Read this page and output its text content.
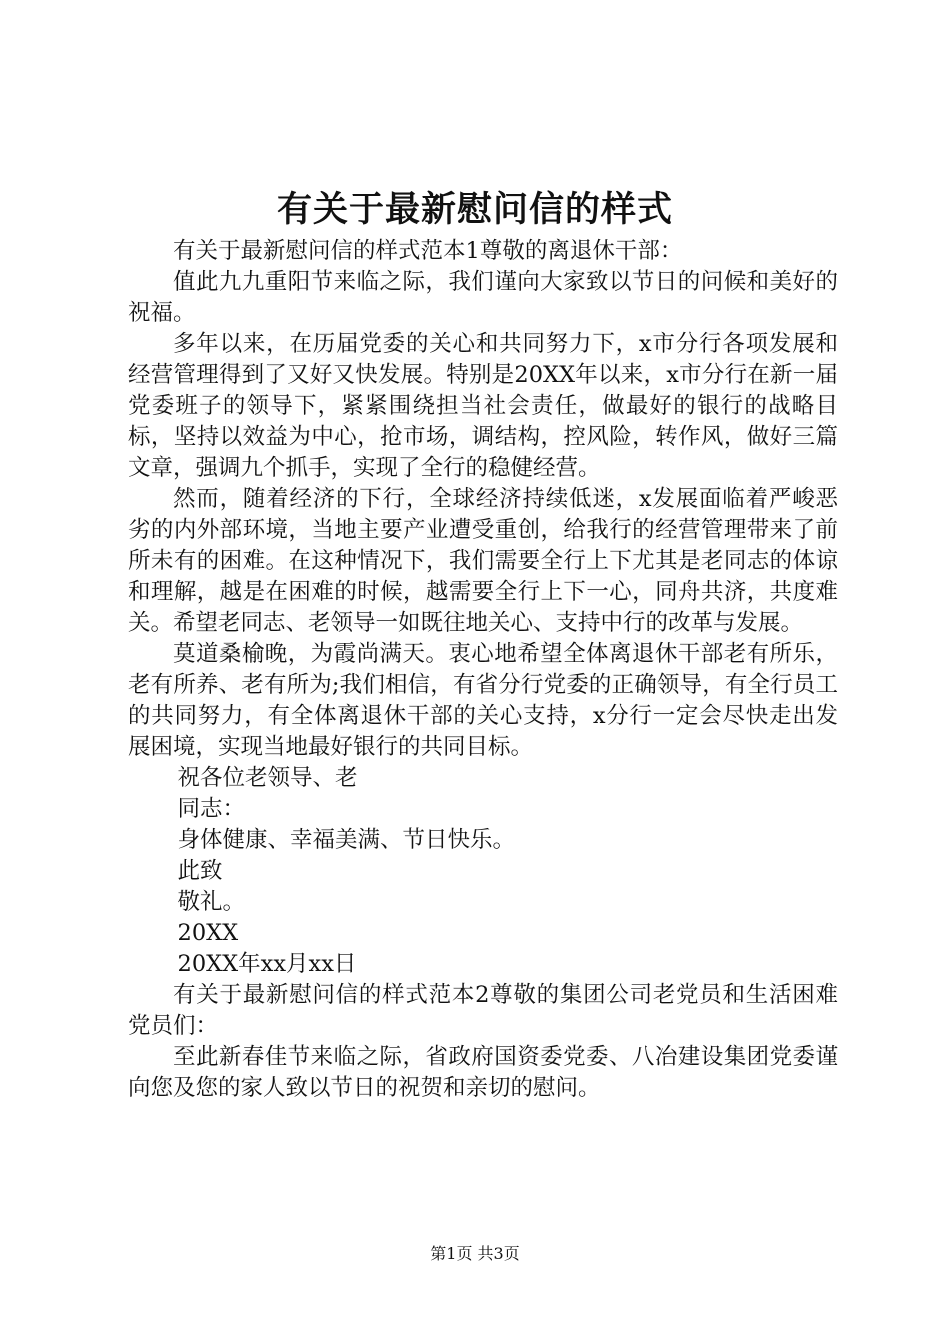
有关于最新慰问信的样式

有关于最新慰问信的样式范本1尊敬的离退休干部：

值此九九重阳节来临之际，我们谨向大家致以节日的问候和美好的祝福。

多年以来，在历届党委的关心和共同努力下，x市分行各项发展和经营管理得到了又好又快发展。特别是20XX年以来，x市分行在新一届党委班子的领导下，紧紧围绕担当社会责任，做最好的银行的战略目标，坚持以效益为中心，抢市场，调结构，控风险，转作风，做好三篇文章，强调九个抓手，实现了全行的稳健经营。

然而，随着经济的下行，全球经济持续低迷，x发展面临着严峻恶劣的内外部环境，当地主要产业遭受重创，给我行的经营管理带来了前所未有的困难。在这种情况下，我们需要全行上下尤其是老同志的体谅和理解，越是在困难的时候，越需要全行上下一心，同舟共济，共度难关。希望老同志、老领导一如既往地关心、支持中行的改革与发展。

莫道桑榆晚，为霞尚满天。衷心地希望全体离退休干部老有所乐，老有所养、老有所为;我们相信，有省分行党委的正确领导，有全行员工的共同努力，有全体离退休干部的关心支持，x分行一定会尽快走出发展困境，实现当地最好银行的共同目标。

祝各位老领导、老

同志：

身体健康、幸福美满、节日快乐。

此致

敬礼。

20XX

20XX年xx月xx日

有关于最新慰问信的样式范本2尊敬的集团公司老党员和生活困难党员们：

至此新春佳节来临之际，省政府国资委党委、八冶建设集团党委谨向您及您的家人致以节日的祝贺和亲切的慰问。

第1页 共3页
